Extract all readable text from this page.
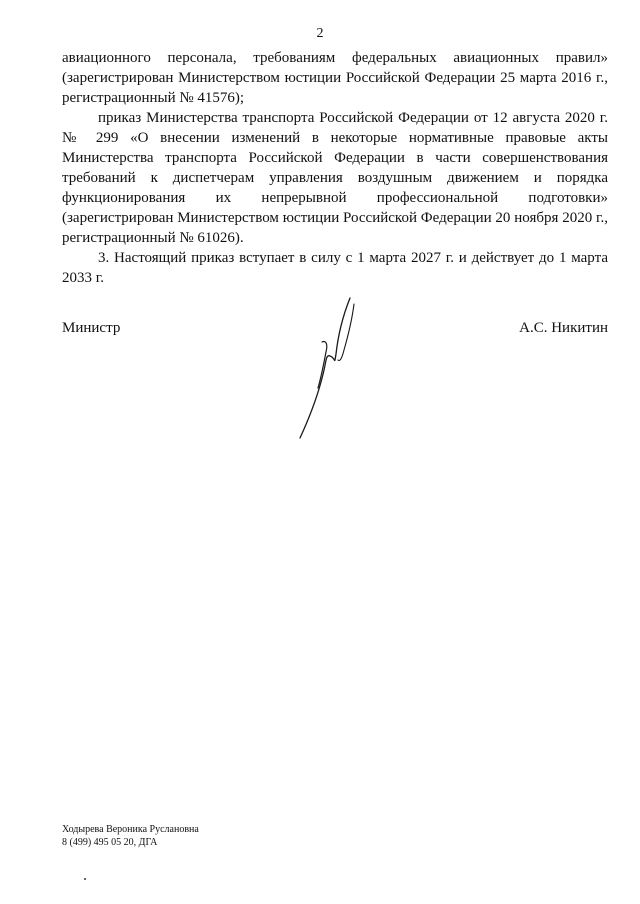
2

авиационного персонала, требованиям федеральных авиационных правил» (зарегистрирован Министерством юстиции Российской Федерации 25 марта 2016 г., регистрационный № 41576);

приказ Министерства транспорта Российской Федерации от 12 августа 2020 г. № 299 «О внесении изменений в некоторые нормативные правовые акты Министерства транспорта Российской Федерации в части совершенствования требований к диспетчерам управления воздушным движением и порядка функционирования их непрерывной профессиональной подготовки» (зарегистрирован Министерством юстиции Российской Федерации 20 ноября 2020 г., регистрационный № 61026).

3. Настоящий приказ вступает в силу с 1 марта 2027 г. и действует до 1 марта 2033 г.

Министр	А.С. Никитин
Ходырева Вероника Руслановна
8 (499) 495 05 20, ДГА
